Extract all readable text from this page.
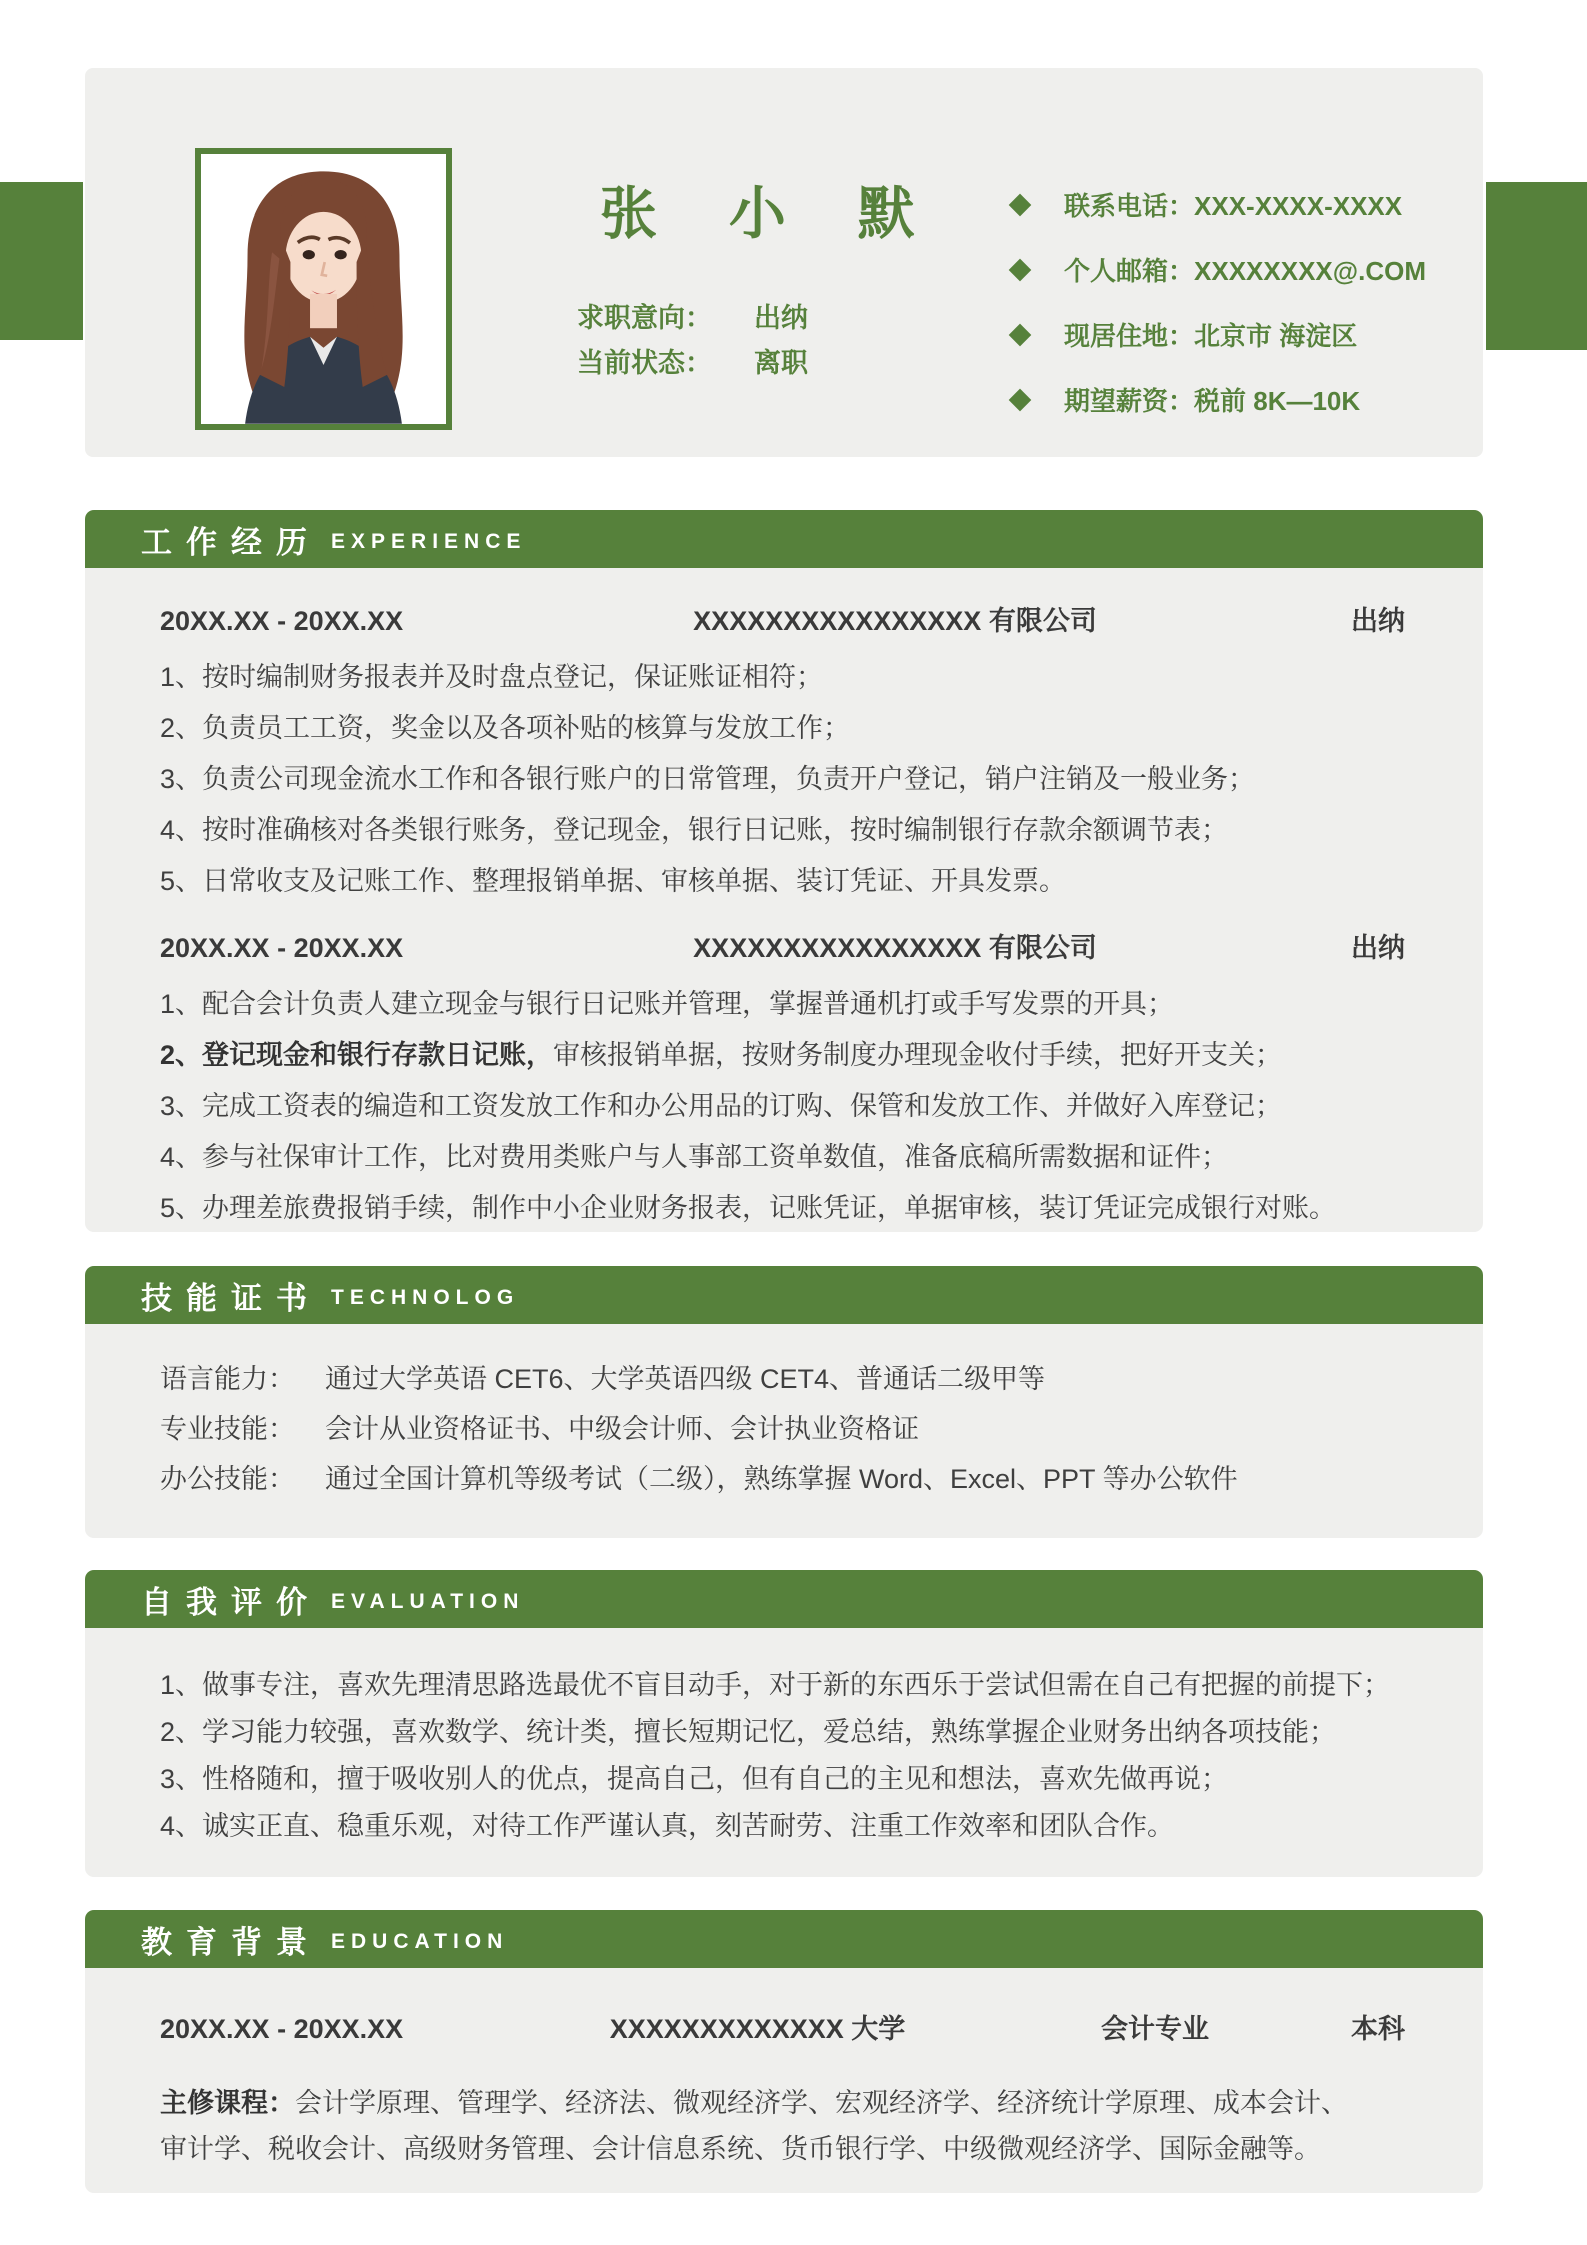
张 小 默
求职意向： 出纳
当前状态： 离职
联系电话：XXX-XXXX-XXXX
个人邮箱：XXXXXXXX@.COM
现居住地：北京市 海淀区
期望薪资：税前 8K—10K
工作经历 EXPERIENCE
20XX.XX - 20XX.XX	XXXXXXXXXXXXXXXX 有限公司	出纳
1、按时编制财务报表并及时盘点登记，保证账证相符；
2、负责员工工资，奖金以及各项补贴的核算与发放工作；
3、负责公司现金流水工作和各银行账户的日常管理，负责开户登记，销户注销及一般业务；
4、按时准确核对各类银行账务，登记现金，银行日记账，按时编制银行存款余额调节表；
5、日常收支及记账工作、整理报销单据、审核单据、装订凭证、开具发票。
20XX.XX - 20XX.XX	XXXXXXXXXXXXXXXX 有限公司	出纳
1、配合会计负责人建立现金与银行日记账并管理，掌握普通机打或手写发票的开具；
2、登记现金和银行存款日记账，审核报销单据，按财务制度办理现金收付手续，把好开支关；
3、完成工资表的编造和工资发放工作和办公用品的订购、保管和发放工作、并做好入库登记；
4、参与社保审计工作，比对费用类账户与人事部工资单数值，准备底稿所需数据和证件；
5、办理差旅费报销手续，制作中小企业财务报表，记账凭证，单据审核，装订凭证完成银行对账。
技能证书 TECHNOLOG
语言能力： 通过大学英语 CET6、大学英语四级 CET4、普通话二级甲等
专业技能： 会计从业资格证书、中级会计师、会计执业资格证
办公技能： 通过全国计算机等级考试（二级），熟练掌握 Word、Excel、PPT 等办公软件
自我评价 EVALUATION
1、做事专注，喜欢先理清思路选最优不盲目动手，对于新的东西乐于尝试但需在自己有把握的前提下；
2、学习能力较强，喜欢数学、统计类，擅长短期记忆，爱总结，熟练掌握企业财务出纳各项技能；
3、性格随和，擅于吸收别人的优点，提高自己，但有自己的主见和想法，喜欢先做再说；
4、诚实正直、稳重乐观，对待工作严谨认真，刻苦耐劳、注重工作效率和团队合作。
教育背景 EDUCATION
20XX.XX - 20XX.XX	XXXXXXXXXXXXX 大学	会计专业	本科
主修课程：会计学原理、管理学、经济法、微观经济学、宏观经济学、经济统计学原理、成本会计、
审计学、税收会计、高级财务管理、会计信息系统、货币银行学、中级微观经济学、国际金融等。
